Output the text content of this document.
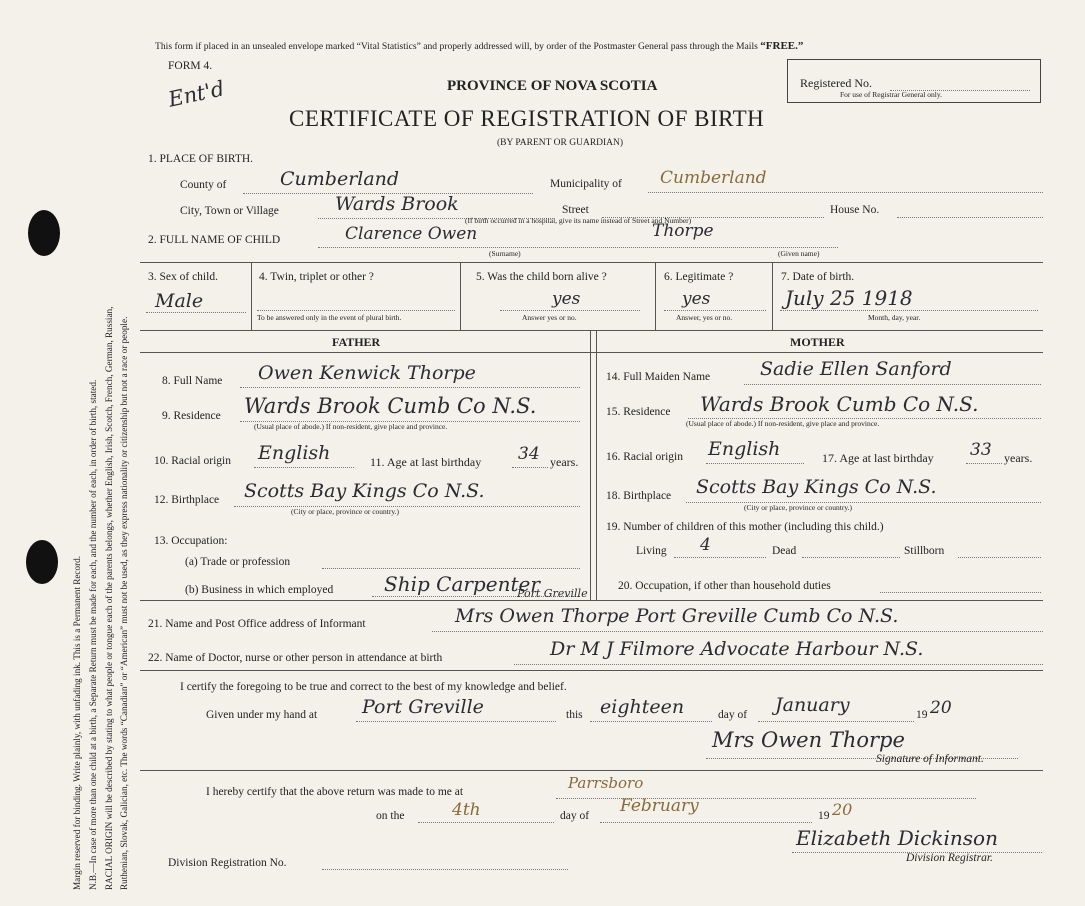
Margin reserved for binding. Write plainly, with unfading ink. This is a Permanent Record. N.B.—In case of more than one child at a birth, a Separate Return must be made for each, and the number of each, in order of birth, stated. RACIAL ORIGIN will be described by stating to what people or tongue each of the parents belongs, whether English, Irish, Scotch, French, German, Russian, Ruthenian, Slovak, Galician, etc. The words “Canadian” or “American” must not be used, as they express nationality or citizenship but not a race or people.
This form if placed in an unsealed envelope marked “Vital Statistics” and properly addressed will, by order of the Postmaster General pass through the Mails “FREE.”
FORM 4.
Ent'd	PROVINCE OF NOVA SCOTIA
CERTIFICATE OF REGISTRATION OF BIRTH
(BY PARENT OR GUARDIAN)
Registered No.
For use of Registrar General only.
1. PLACE OF BIRTH.
County of	Cumberland	Municipality of Cumberland
City, Town or Village	Wards Brook	Street
(If birth occurred in a hospital, give its name instead of Street and Number)
House No.
2. FULL NAME OF CHILD	Clarence Owen	Thorpe
(Surname)	(Given name)
3. Sex of child.
Male
4. Twin, triplet or other ?
To be answered only in the event of plural birth.
5. Was the child born alive ?
yes
Answer yes or no.
6. Legitimate ?
yes
Answer, yes or no.
7. Date of birth.
July 25 1918
Month, day, year.
FATHER	MOTHER
8. Full Name Owen Kenwick Thorpe
9. Residence Wards Brook Cumb Co N.S.
(Usual place of abode.) If non-resident, give place and province.
10. Racial origin English	11. Age at last birthday 34 years.
12. Birthplace Scotts Bay Kings Co N.S.
(City or place, province or country.)
13. Occupation:
(a) Trade or profession
(b) Business in which employed	Ship Carpenter
14. Full Maiden Name	Sadie Ellen Sanford
15. Residence Wards Brook Cumb Co N.S.
(Usual place of abode.) If non-resident, give place and province.
16. Racial origin English	17. Age at last birthday 33 years.
18. Birthplace Scotts Bay Kings Co N.S.
(City or place, province or country.)
19. Number of children of this mother (including this child.)
Living 4	Dead	Stillborn
20. Occupation, if other than household duties
21. Name and Post Office address of Informant	Mrs Owen Thorpe Port Greville Cumb Co N.S.
Port Greville
22. Name of Doctor, nurse or other person in attendance at birth	Dr M J Filmore Advocate Harbour N.S.
I certify the foregoing to be true and correct to the best of my knowledge and belief.
Given under my hand at Port Greville	this eighteen	day of January	19 20
Mrs Owen Thorpe
Signature of Informant.
I hereby certify that the above return was made to me at	Parrsboro
on the	4th	day of February	19 20
Elizabeth Dickinson
Division Registrar.
Division Registration No.
